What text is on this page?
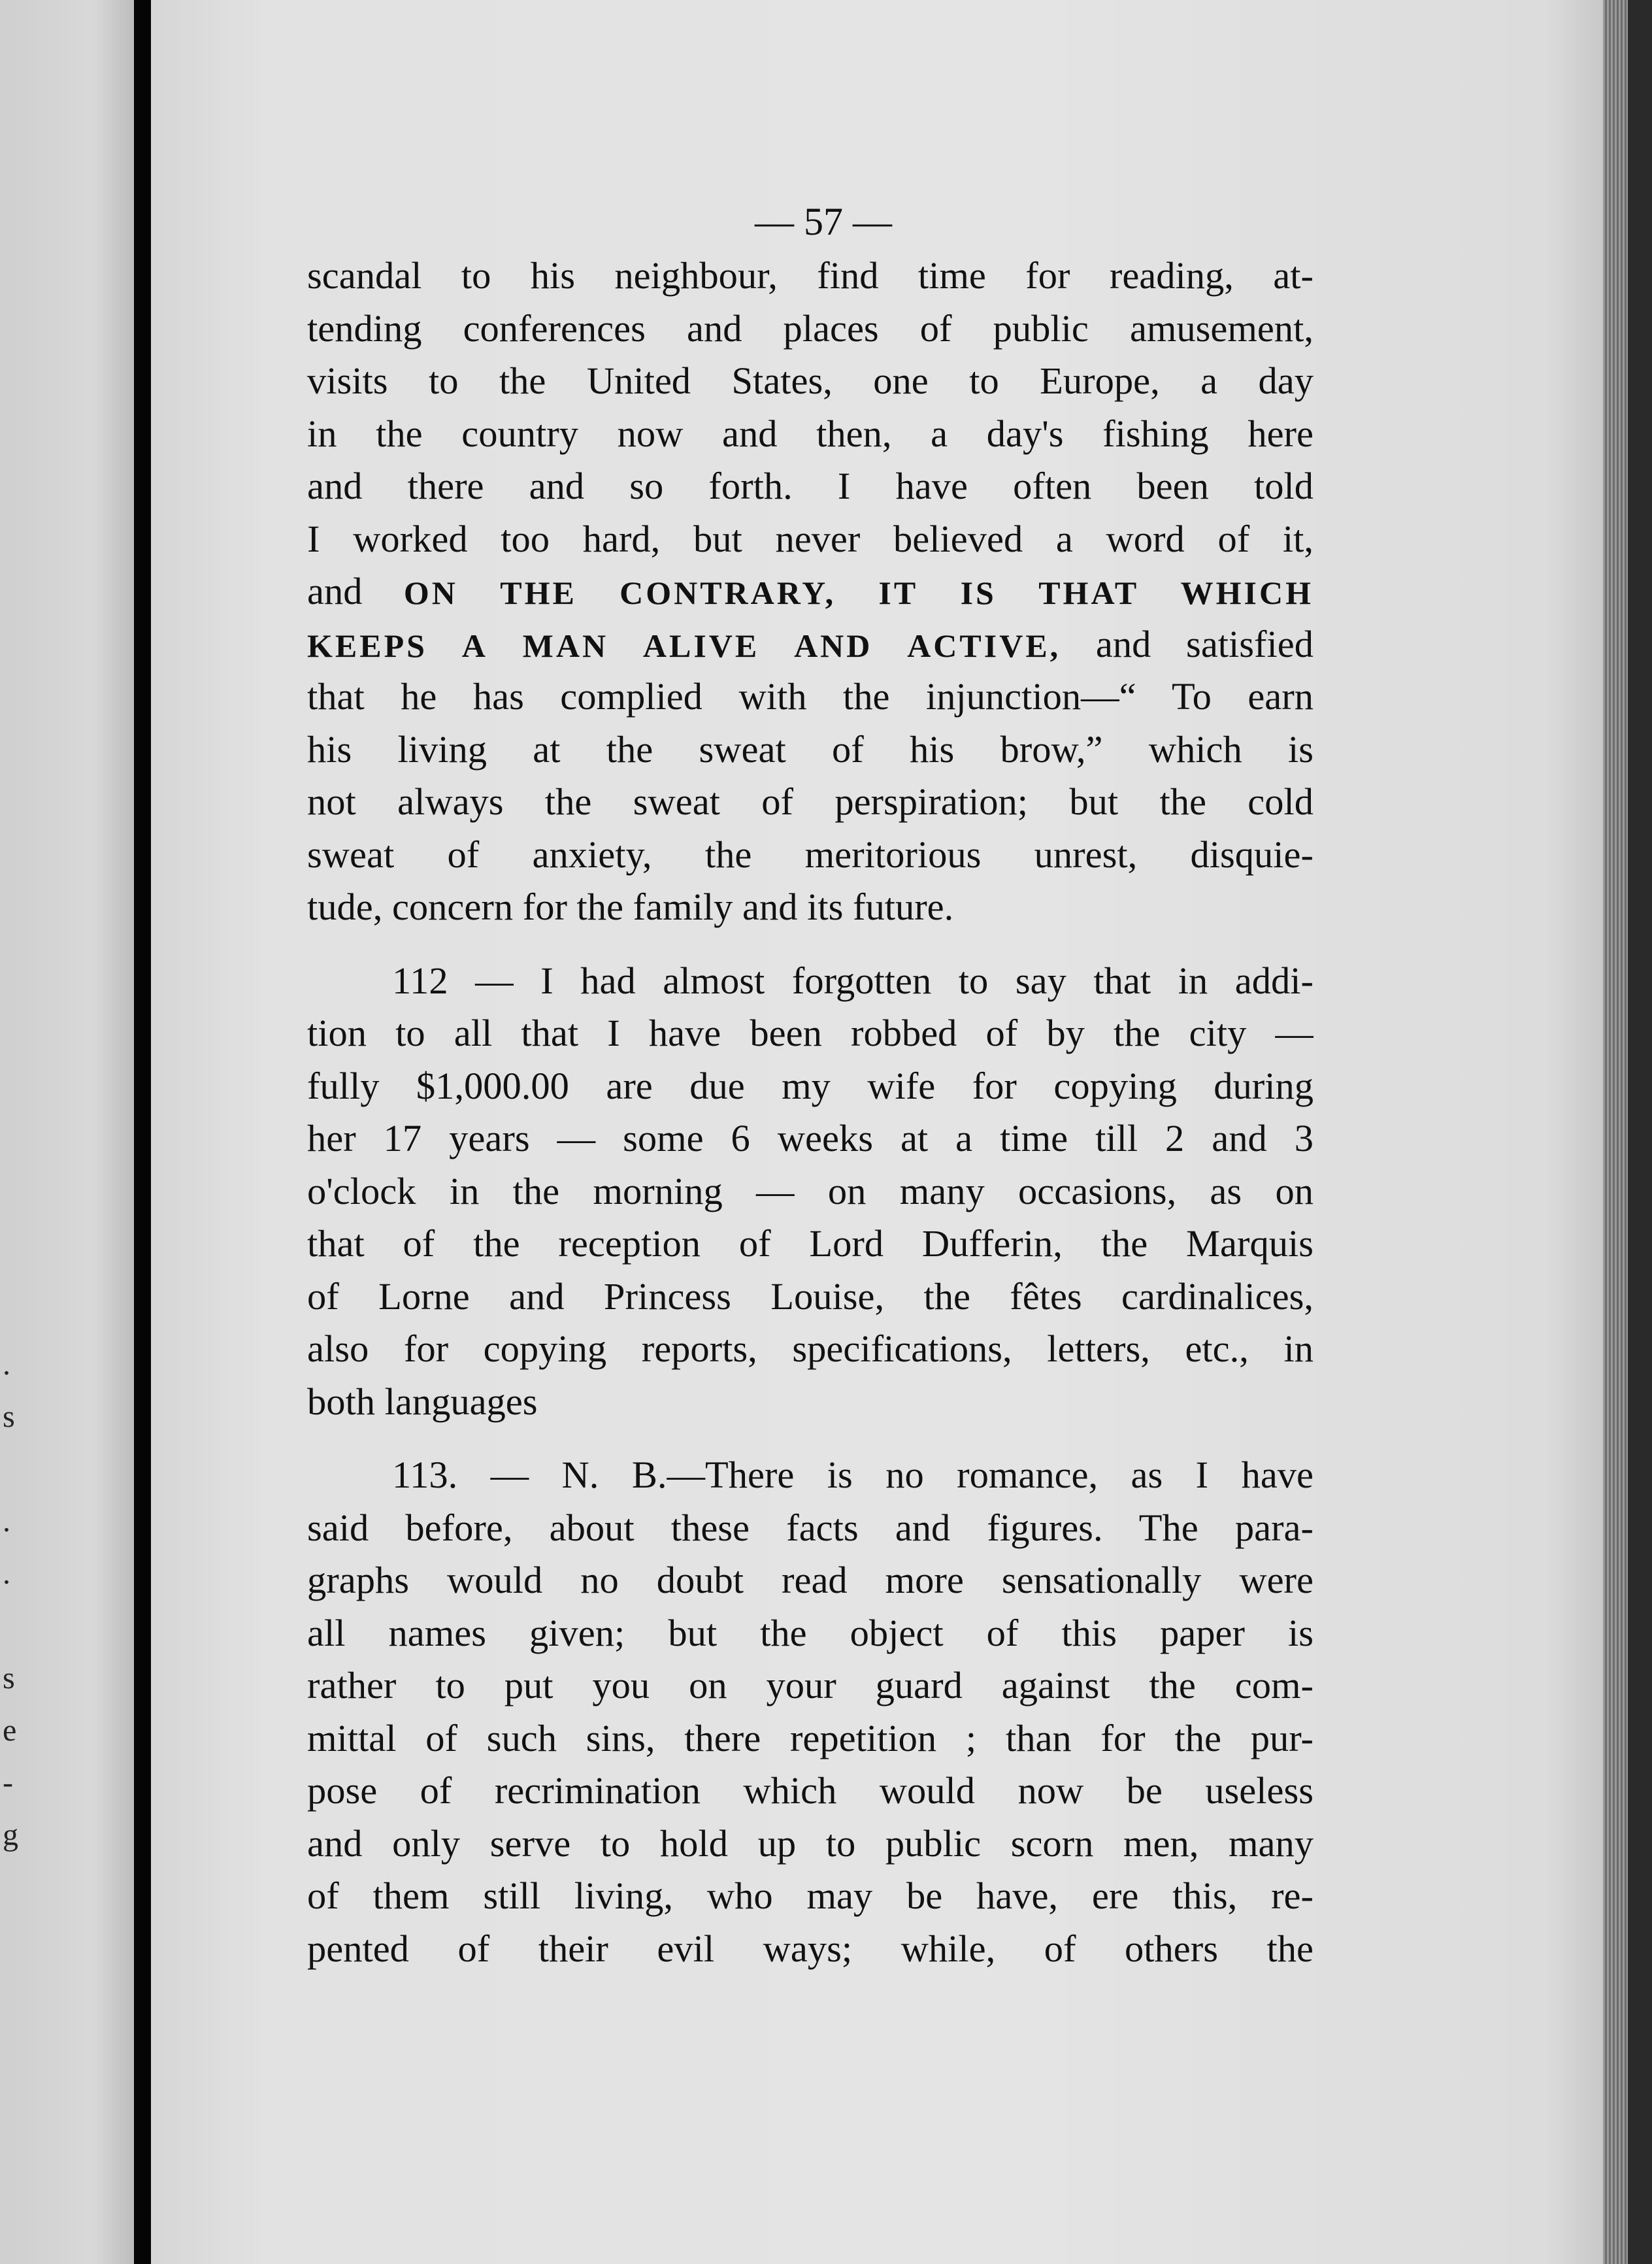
.
s
.
.
s
e
-
g
— 57 —
scandal to his neighbour, find time for reading, at-
tending conferences and places of public amusement,
visits to the United States, one to Europe, a day
in the country now and then, a day's fishing here
and there and so forth. I have often been told
I worked too hard, but never believed a word of it,
and ON THE CONTRARY, IT IS THAT WHICH
KEEPS A MAN ALIVE AND ACTIVE, and satisfied
that he has complied with the injunction—“ To earn
his living at the sweat of his brow,” which is
not always the sweat of perspiration; but the cold
sweat of anxiety, the meritorious unrest, disquie-
tude, concern for the family and its future.
112 — I had almost forgotten to say that in addi-
tion to all that I have been robbed of by the city —
fully $1,000.00 are due my wife for copying during
her 17 years — some 6 weeks at a time till 2 and 3
o'clock in the morning — on many occasions, as on
that of the reception of Lord Dufferin, the Marquis
of Lorne and Princess Louise, the fêtes cardinalices,
also for copying reports, specifications, letters, etc., in
both languages
113. — N. B.—There is no romance, as I have
said before, about these facts and figures. The para-
graphs would no doubt read more sensationally were
all names given; but the object of this paper is
rather to put you on your guard against the com-
mittal of such sins, there repetition ; than for the pur-
pose of recrimination which would now be useless
and only serve to hold up to public scorn men, many
of them still living, who may be have, ere this, re-
pented of their evil ways; while, of others the
